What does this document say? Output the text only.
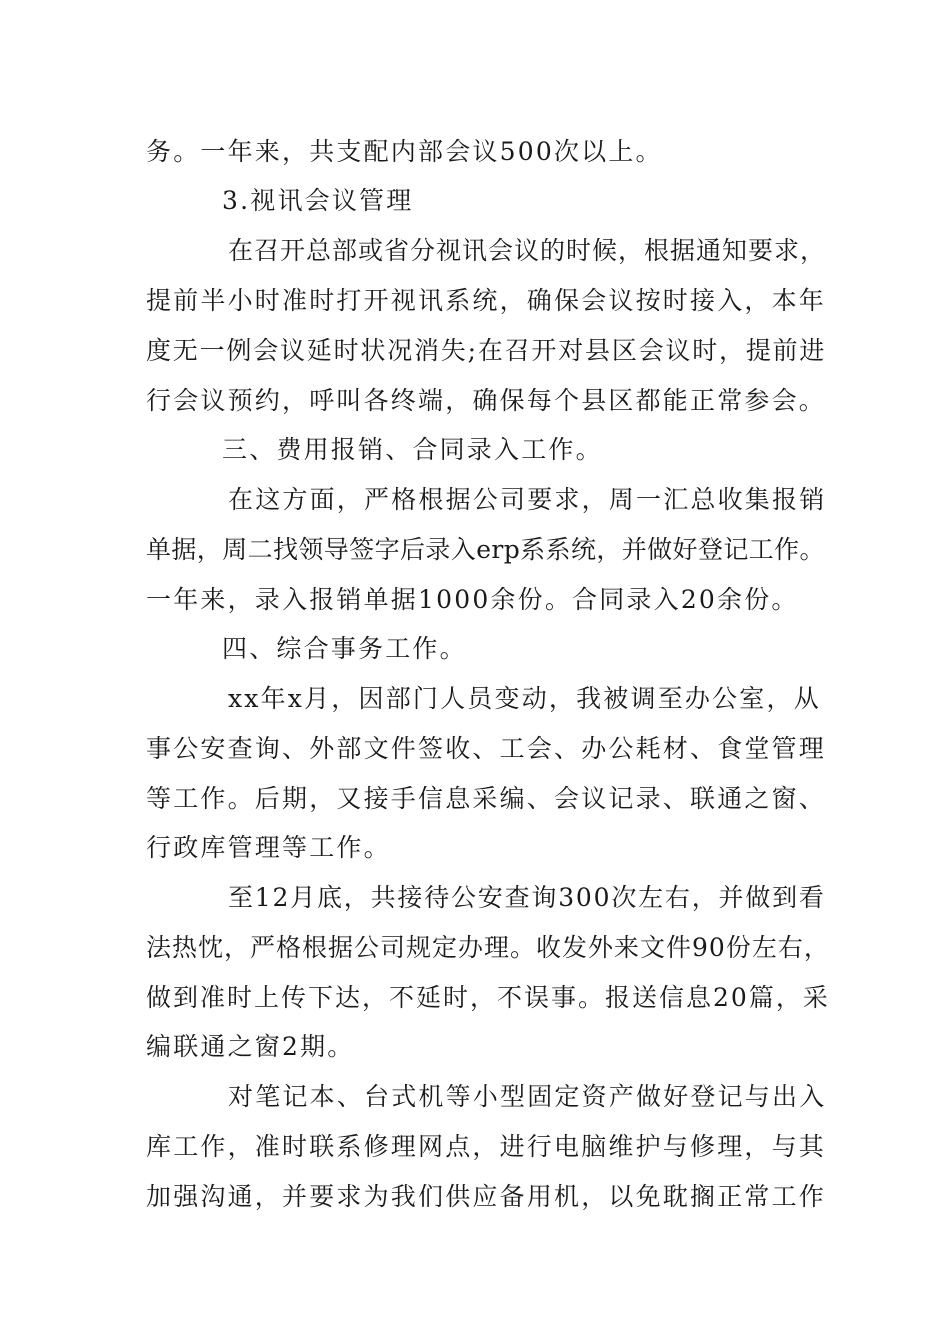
务。一年来，共支配内部会议500次以上。
3.视讯会议管理
在召开总部或省分视讯会议的时候，根据通知要求，
提前半小时准时打开视讯系统，确保会议按时接入，本年
度无一例会议延时状况消失;在召开对县区会议时，提前进
行会议预约，呼叫各终端，确保每个县区都能正常参会。
三、费用报销、合同录入工作。
在这方面，严格根据公司要求，周一汇总收集报销
单据，周二找领导签字后录入erp系系统，并做好登记工作。
一年来，录入报销单据1000余份。合同录入20余份。
四、综合事务工作。
xx年x月，因部门人员变动，我被调至办公室，从
事公安查询、外部文件签收、工会、办公耗材、食堂管理
等工作。后期，又接手信息采编、会议记录、联通之窗、
行政库管理等工作。
至12月底，共接待公安查询300次左右，并做到看
法热忱，严格根据公司规定办理。收发外来文件90份左右，
做到准时上传下达，不延时，不误事。报送信息20篇，采
编联通之窗2期。
对笔记本、台式机等小型固定资产做好登记与出入
库工作，准时联系修理网点，进行电脑维护与修理，与其
加强沟通，并要求为我们供应备用机，以免耽搁正常工作
